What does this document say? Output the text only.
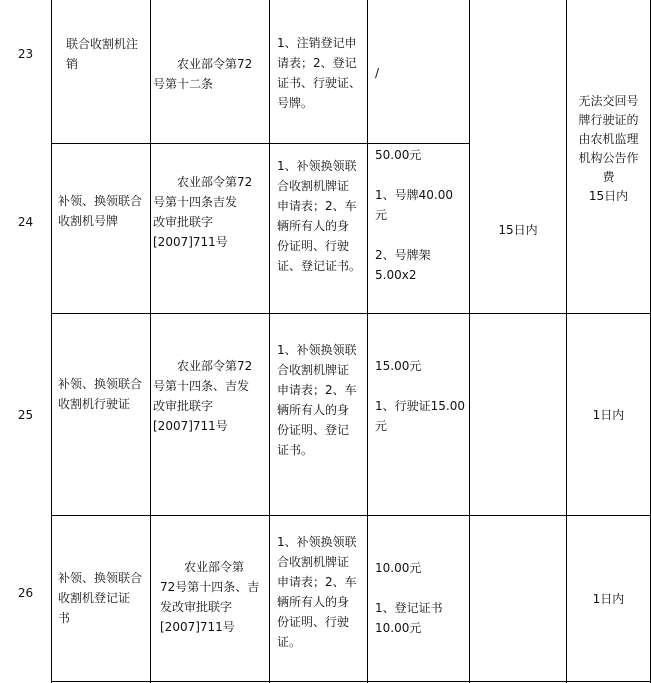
23
联合收割机注
销	　　农业部令第72
号第十二条
1、注销登记申
请表；2、登记
证书、行驶证、
号牌。
/
24
补领、换领联合
收割机号牌
　　农业部令第72
号第十四条吉发
改审批联字
[2007]711号
1、补领换领联
合收割机牌证
申请表；2、车
辆所有人的身
份证明、行驶
证、登记证书。
50.00元

1、号牌40.00
元

2、号牌架
5.00x2
15日内
无法交回号
牌行驶证的
由农机监理
机构公告作
费
15日内
25
补领、换领联合
收割机行驶证
　　农业部令第72
号第十四条、吉发
改审批联字
[2007]711号
1、补领换领联
合收割机牌证
申请表；2、车
辆所有人的身
份证明、登记
证书。
15.00元

1、行驶证15.00
元
1日内
26
补领、换领联合
收割机登记证
书
　　农业部令第
72号第十四条、吉
发改审批联字
[2007]711号
1、补领换领联
合收割机牌证
申请表；2、车
辆所有人的身
份证明、行驶
证。
10.00元

1、登记证书
10.00元
1日内
